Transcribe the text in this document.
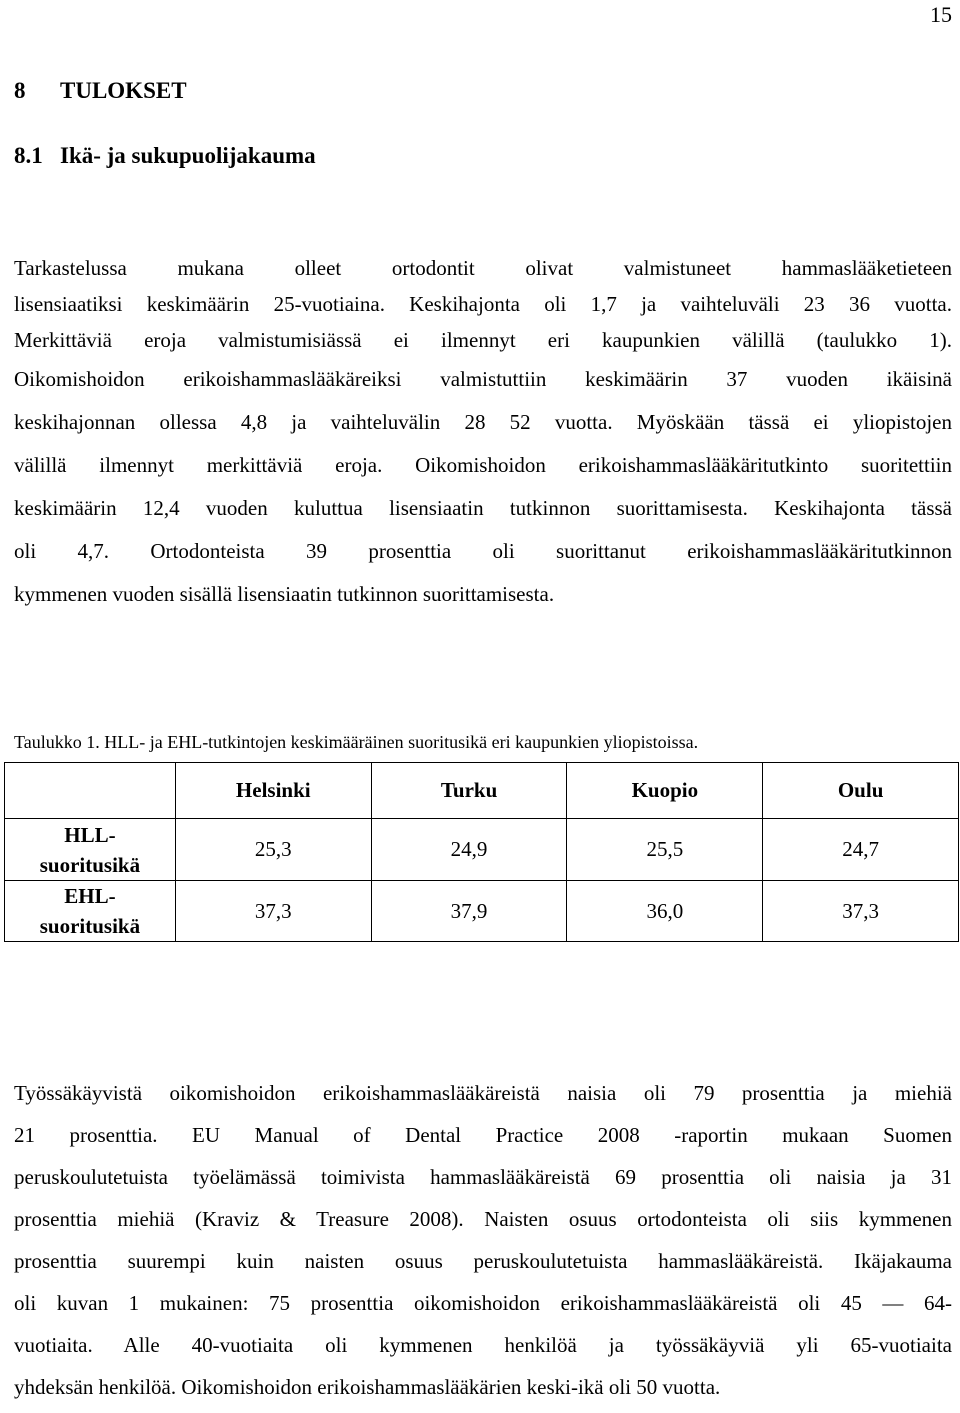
15
8 TULOKSET
8.1 Ikä- ja sukupuolijakauma

Tarkastelussa mukana olleet ortodontit olivat valmistuneet hammaslääketieteen
lisensiaatiksi keskimäärin 25-vuotiaina. Keskihajonta oli 1,7 ja vaihteluväli 23 36 vuotta.
Merkittäviä eroja valmistumisiässä ei ilmennyt eri kaupunkien välillä (taulukko 1).
Oikomishoidon erikoishammaslääkäreiksi valmistuttiin keskimäärin 37 vuoden ikäisinä
keskihajonnan ollessa 4,8 ja vaihteluvälin 28 52 vuotta. Myöskään tässä ei yliopistojen
välillä ilmennyt merkittäviä eroja. Oikomishoidon erikoishammaslääkäritutkinto suoritettiin
keskimäärin 12,4 vuoden kuluttua lisensiaatin tutkinnon suorittamisesta. Keskihajonta tässä
oli 4,7. Ortodonteista 39 prosenttia oli suorittanut erikoishammaslääkäritutkinnon
kymmenen vuoden sisällä lisensiaatin tutkinnon suorittamisesta.

Taulukko 1. HLL- ja EHL-tutkintojen keskimääräinen suoritusikä eri kaupunkien yliopistoissa.
	Helsinki	Turku	Kuopio	Oulu
HLL-
suoritusikä	25,3	24,9	25,5	24,7
EHL-
suoritusikä	37,3	37,9	36,0	37,3

Työssäkäyvistä oikomishoidon erikoishammaslääkäreistä naisia oli 79 prosenttia ja miehiä
21 prosenttia. EU Manual of Dental Practice 2008 -raportin mukaan Suomen
peruskoulutetuista työelämässä toimivista hammaslääkäreistä 69 prosenttia oli naisia ja 31
prosenttia miehiä (Kraviz & Treasure 2008). Naisten osuus ortodonteista oli siis kymmenen
prosenttia suurempi kuin naisten osuus peruskoulutetuista hammaslääkäreistä. Ikäjakauma
oli kuvan 1 mukainen: 75 prosenttia oikomishoidon erikoishammaslääkäreistä oli 45 — 64-
vuotiaita. Alle 40-vuotiaita oli kymmenen henkilöä ja työssäkäyviä yli 65-vuotiaita
yhdeksän henkilöä. Oikomishoidon erikoishammaslääkärien keski-ikä oli 50 vuotta.
